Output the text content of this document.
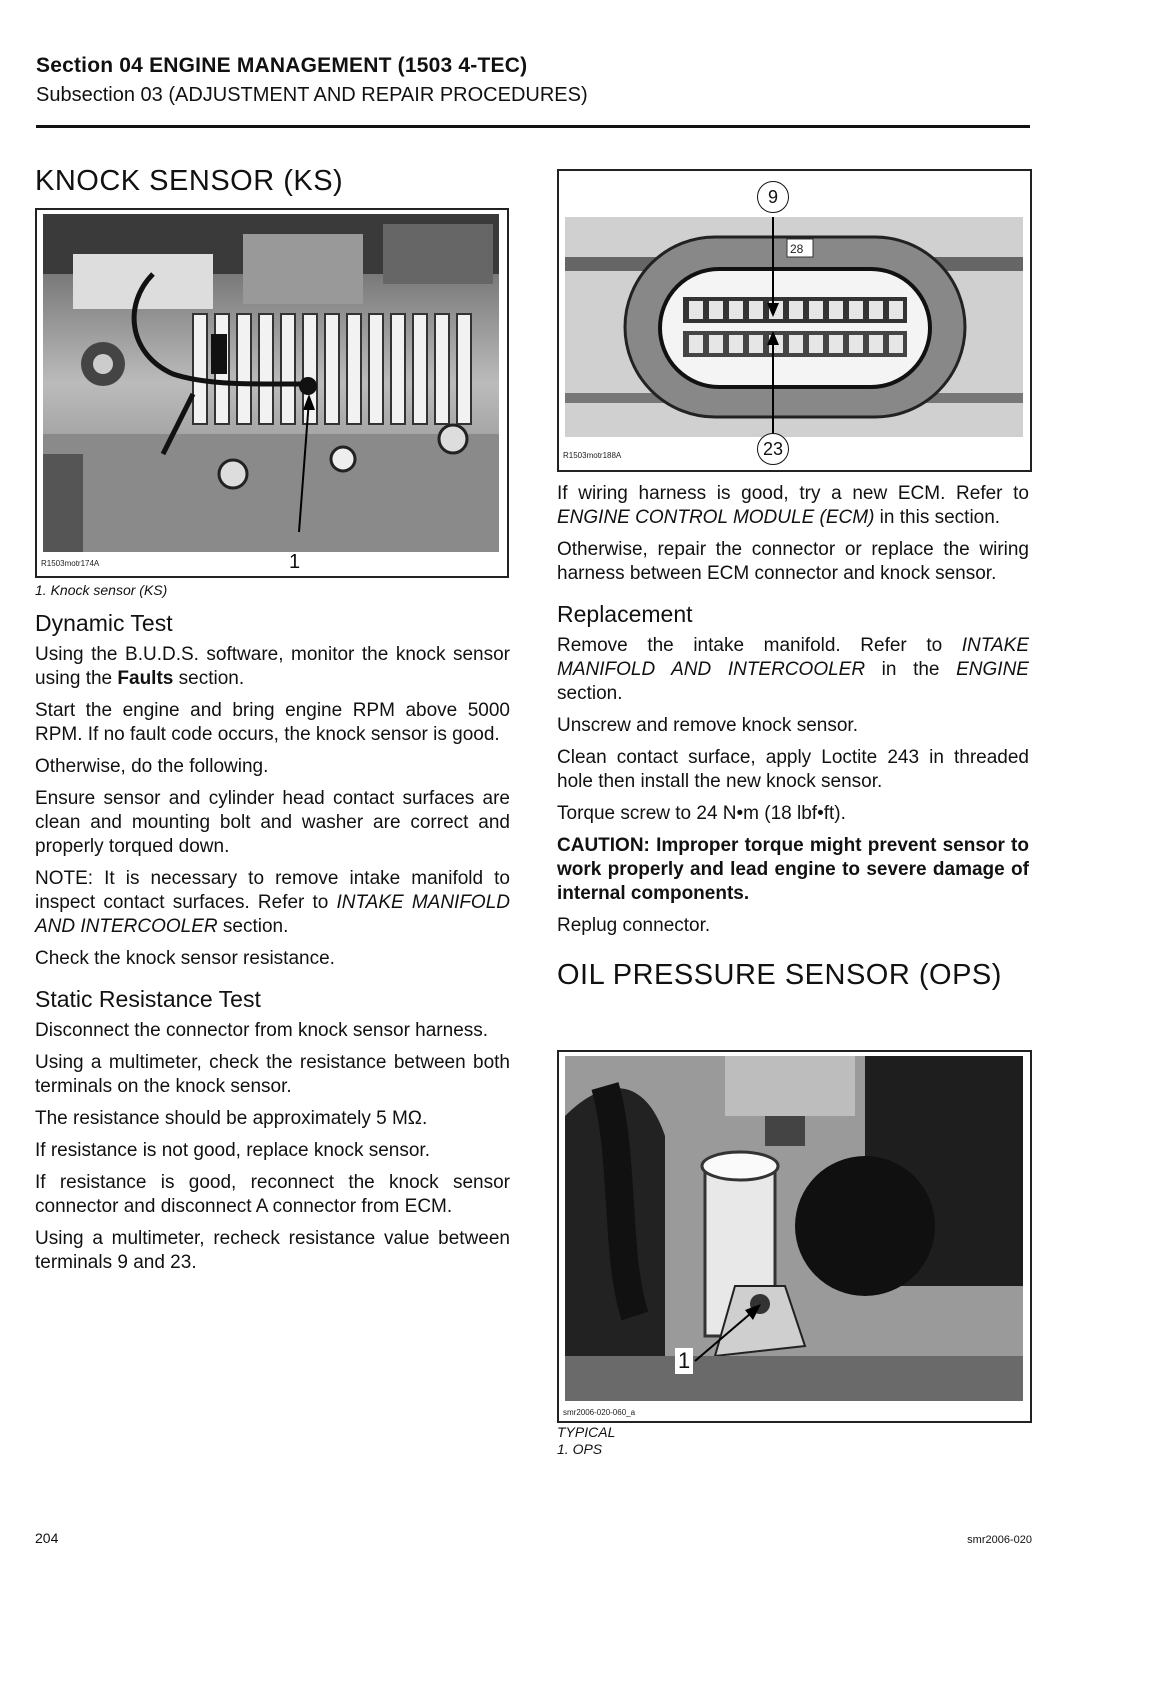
Section 04 ENGINE MANAGEMENT (1503 4-TEC)
Subsection 03 (ADJUSTMENT AND REPAIR PROCEDURES)
KNOCK SENSOR (KS)
R1503motr174A	1
1. Knock sensor (KS)
Dynamic Test

Using the B.U.D.S. software, monitor the knock sensor using the Faults section.

Start the engine and bring engine RPM above 5000 RPM. If no fault code occurs, the knock sensor is good.

Otherwise, do the following.

Ensure sensor and cylinder head contact surfaces are clean and mounting bolt and washer are correct and properly torqued down.

NOTE: It is necessary to remove intake manifold to inspect contact surfaces. Refer to INTAKE MANIFOLD AND INTERCOOLER section.

Check the knock sensor resistance.

Static Resistance Test

Disconnect the connector from knock sensor harness.

Using a multimeter, check the resistance between both terminals on the knock sensor.

The resistance should be approximately 5 MΩ.

If resistance is not good, replace knock sensor.

If resistance is good, reconnect the knock sensor connector and disconnect A connector from ECM.

Using a multimeter, recheck resistance value between terminals 9 and 23.

28
9
23
R1503motr188A

If wiring harness is good, try a new ECM. Refer to ENGINE CONTROL MODULE (ECM) in this section.

Otherwise, repair the connector or replace the wiring harness between ECM connector and knock sensor.

Replacement

Remove the intake manifold. Refer to INTAKE MANIFOLD AND INTERCOOLER in the ENGINE section.

Unscrew and remove knock sensor.

Clean contact surface, apply Loctite 243 in threaded hole then install the new knock sensor.

Torque screw to 24 N•m (18 lbf•ft).

CAUTION: Improper torque might prevent sensor to work properly and lead engine to severe damage of internal components.

Replug connector.

OIL PRESSURE SENSOR (OPS)
1
smr2006-020-060_a
TYPICAL
1. OPS
204	smr2006-020
